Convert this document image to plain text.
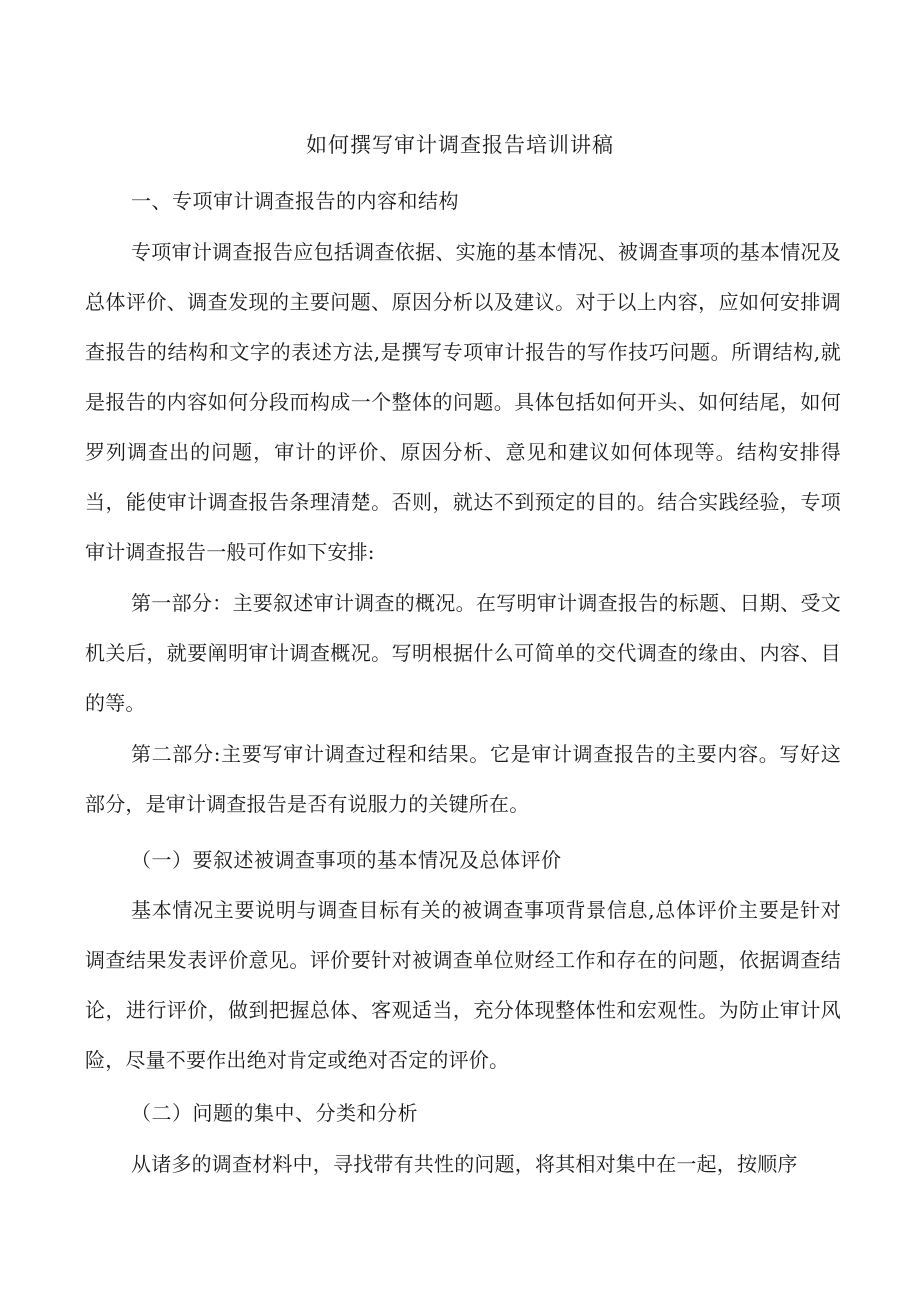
如何撰写审计调查报告培训讲稿

一、专项审计调查报告的内容和结构

专项审计调查报告应包括调查依据、实施的基本情况、被调查事项的基本情况及总体评价、调查发现的主要问题、原因分析以及建议。对于以上内容，应如何安排调查报告的结构和文字的表述方法,是撰写专项审计报告的写作技巧问题。所谓结构,就是报告的内容如何分段而构成一个整体的问题。具体包括如何开头、如何结尾，如何罗列调查出的问题，审计的评价、原因分析、意见和建议如何体现等。结构安排得当，能使审计调查报告条理清楚。否则，就达不到预定的目的。结合实践经验，专项审计调查报告一般可作如下安排:

第一部分：主要叙述审计调查的概况。在写明审计调查报告的标题、日期、受文机关后，就要阐明审计调查概况。写明根据什么可简单的交代调查的缘由、内容、目的等。

第二部分:主要写审计调查过程和结果。它是审计调查报告的主要内容。写好这部分，是审计调查报告是否有说服力的关键所在。

（一）要叙述被调查事项的基本情况及总体评价

基本情况主要说明与调查目标有关的被调查事项背景信息,总体评价主要是针对调查结果发表评价意见。评价要针对被调查单位财经工作和存在的问题，依据调查结论，进行评价，做到把握总体、客观适当，充分体现整体性和宏观性。为防止审计风险，尽量不要作出绝对肯定或绝对否定的评价。

（二）问题的集中、分类和分析

从诸多的调查材料中，寻找带有共性的问题，将其相对集中在一起，按顺序
